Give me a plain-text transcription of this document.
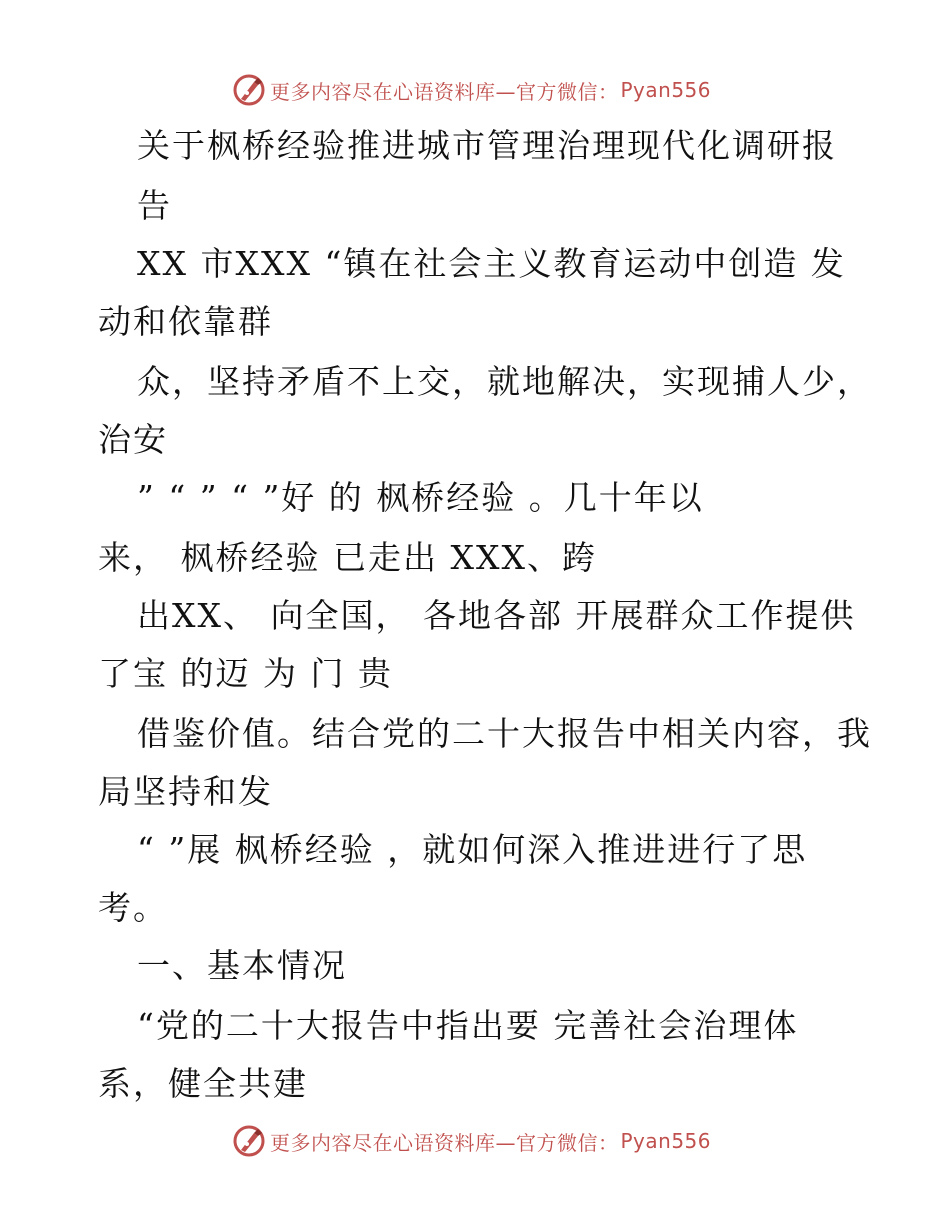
更多内容尽在心语资料库—官方微信： Pyan556
关于枫桥经验推进城市管理治理现代化调研报
告
XX 市XXX “镇在社会主义教育运动中创造 发
动和依靠群
众，坚持矛盾不上交，就地解决，实现捕人少，
治安
” “ ” “ ”好 的 枫桥经验 。几十年以
来， 枫桥经验 已走出 XXX、跨
出XX、 向全国， 各地各部 开展群众工作提供
了宝 的迈 为 门 贵
借鉴价值。结合党的二十大报告中相关内容，我
局坚持和发
“ ”展 枫桥经验 ，就如何深入推进进行了思
考。
一、基本情况
“党的二十大报告中指出要 完善社会治理体
系，健全共建
更多内容尽在心语资料库—官方微信： Pyan556
